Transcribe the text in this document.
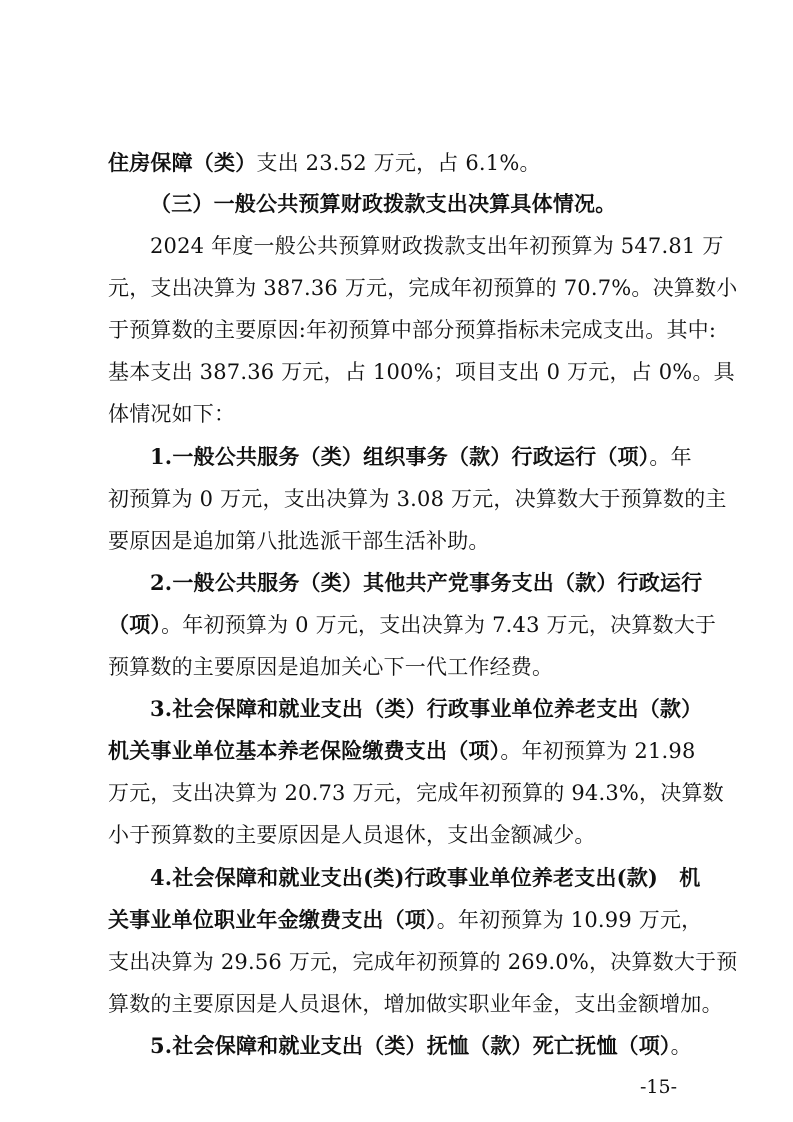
住房保障（类）支出 23.52 万元，占 6.1%。
（三）一般公共预算财政拨款支出决算具体情况。
2024 年度一般公共预算财政拨款支出年初预算为 547.81 万
元，支出决算为 387.36 万元，完成年初预算的 70.7%。决算数小
于预算数的主要原因:年初预算中部分预算指标未完成支出。其中:
基本支出 387.36 万元，占 100%；项目支出 0 万元，占 0%。具
体情况如下：
1.一般公共服务（类）组织事务（款）行政运行（项）。年
初预算为 0 万元，支出决算为 3.08 万元，决算数大于预算数的主
要原因是追加第八批选派干部生活补助。
2.一般公共服务（类）其他共产党事务支出（款）行政运行
（项）。年初预算为 0 万元，支出决算为 7.43 万元，决算数大于
预算数的主要原因是追加关心下一代工作经费。
3.社会保障和就业支出（类）行政事业单位养老支出（款）
机关事业单位基本养老保险缴费支出（项）。年初预算为 21.98
万元，支出决算为 20.73 万元，完成年初预算的 94.3%，决算数
小于预算数的主要原因是人员退休，支出金额减少。
4.社会保障和就业支出(类)行政事业单位养老支出(款)　机
关事业单位职业年金缴费支出（项）。年初预算为 10.99 万元，
支出决算为 29.56 万元，完成年初预算的 269.0%，决算数大于预
算数的主要原因是人员退休，增加做实职业年金，支出金额增加。
5.社会保障和就业支出（类）抚恤（款）死亡抚恤（项）。
-15-
